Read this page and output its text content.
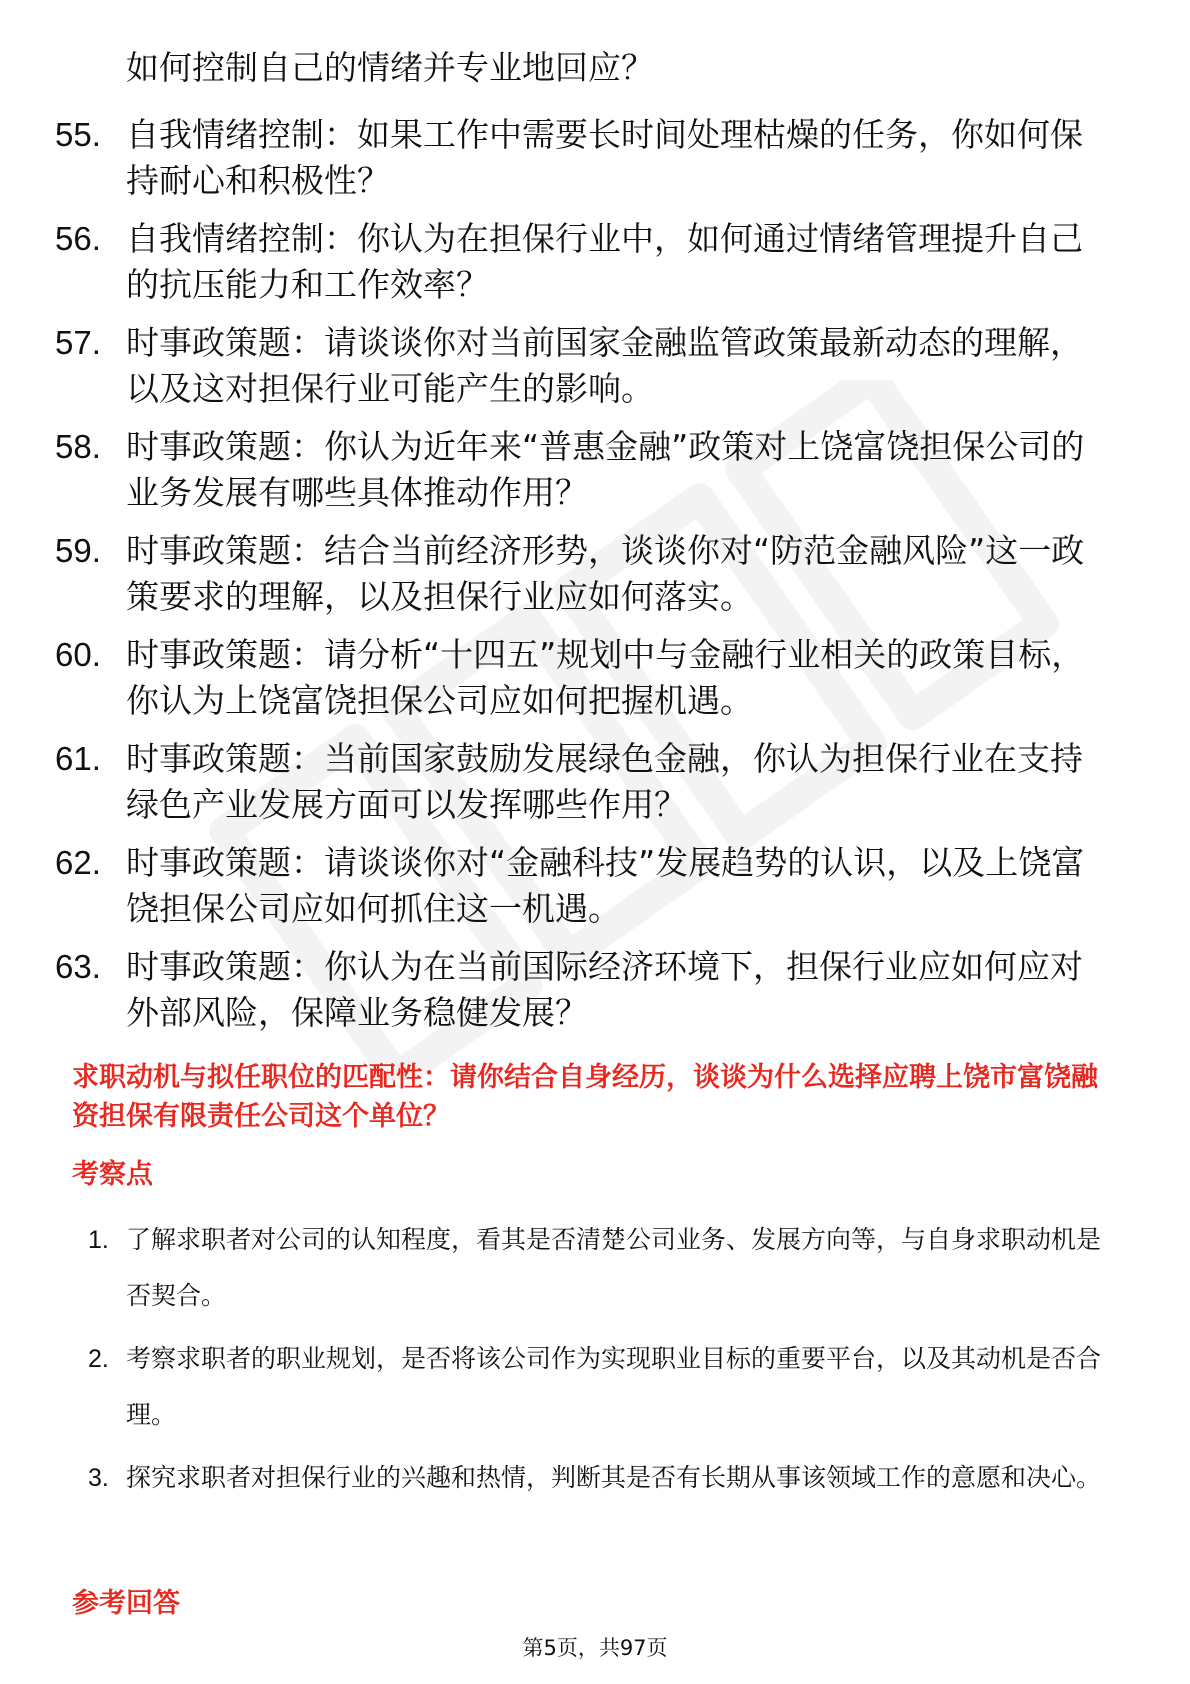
如何控制自己的情绪并专业地回应？

55. 自我情绪控制：如果工作中需要长时间处理枯燥的任务，你如何保持耐心和积极性？
56. 自我情绪控制：你认为在担保行业中，如何通过情绪管理提升自己的抗压能力和工作效率？
57. 时事政策题：请谈谈你对当前国家金融监管政策最新动态的理解，以及这对担保行业可能产生的影响。
58. 时事政策题：你认为近年来“普惠金融”政策对上饶富饶担保公司的业务发展有哪些具体推动作用？
59. 时事政策题：结合当前经济形势，谈谈你对“防范金融风险”这一政策要求的理解，以及担保行业应如何落实。
60. 时事政策题：请分析“十四五”规划中与金融行业相关的政策目标，你认为上饶富饶担保公司应如何把握机遇。
61. 时事政策题：当前国家鼓励发展绿色金融，你认为担保行业在支持绿色产业发展方面可以发挥哪些作用？
62. 时事政策题：请谈谈你对“金融科技”发展趋势的认识，以及上饶富饶担保公司应如何抓住这一机遇。
63. 时事政策题：你认为在当前国际经济环境下，担保行业应如何应对外部风险，保障业务稳健发展？

求职动机与拟任职位的匹配性：请你结合自身经历，谈谈为什么选择应聘上饶市富饶融资担保有限责任公司这个单位？

考察点

1. 了解求职者对公司的认知程度，看其是否清楚公司业务、发展方向等，与自身求职动机是否契合。
2. 考察求职者的职业规划，是否将该公司作为实现职业目标的重要平台，以及其动机是否合理。
3. 探究求职者对担保行业的兴趣和热情，判断其是否有长期从事该领域工作的意愿和决心。

参考回答

第5页，共97页
